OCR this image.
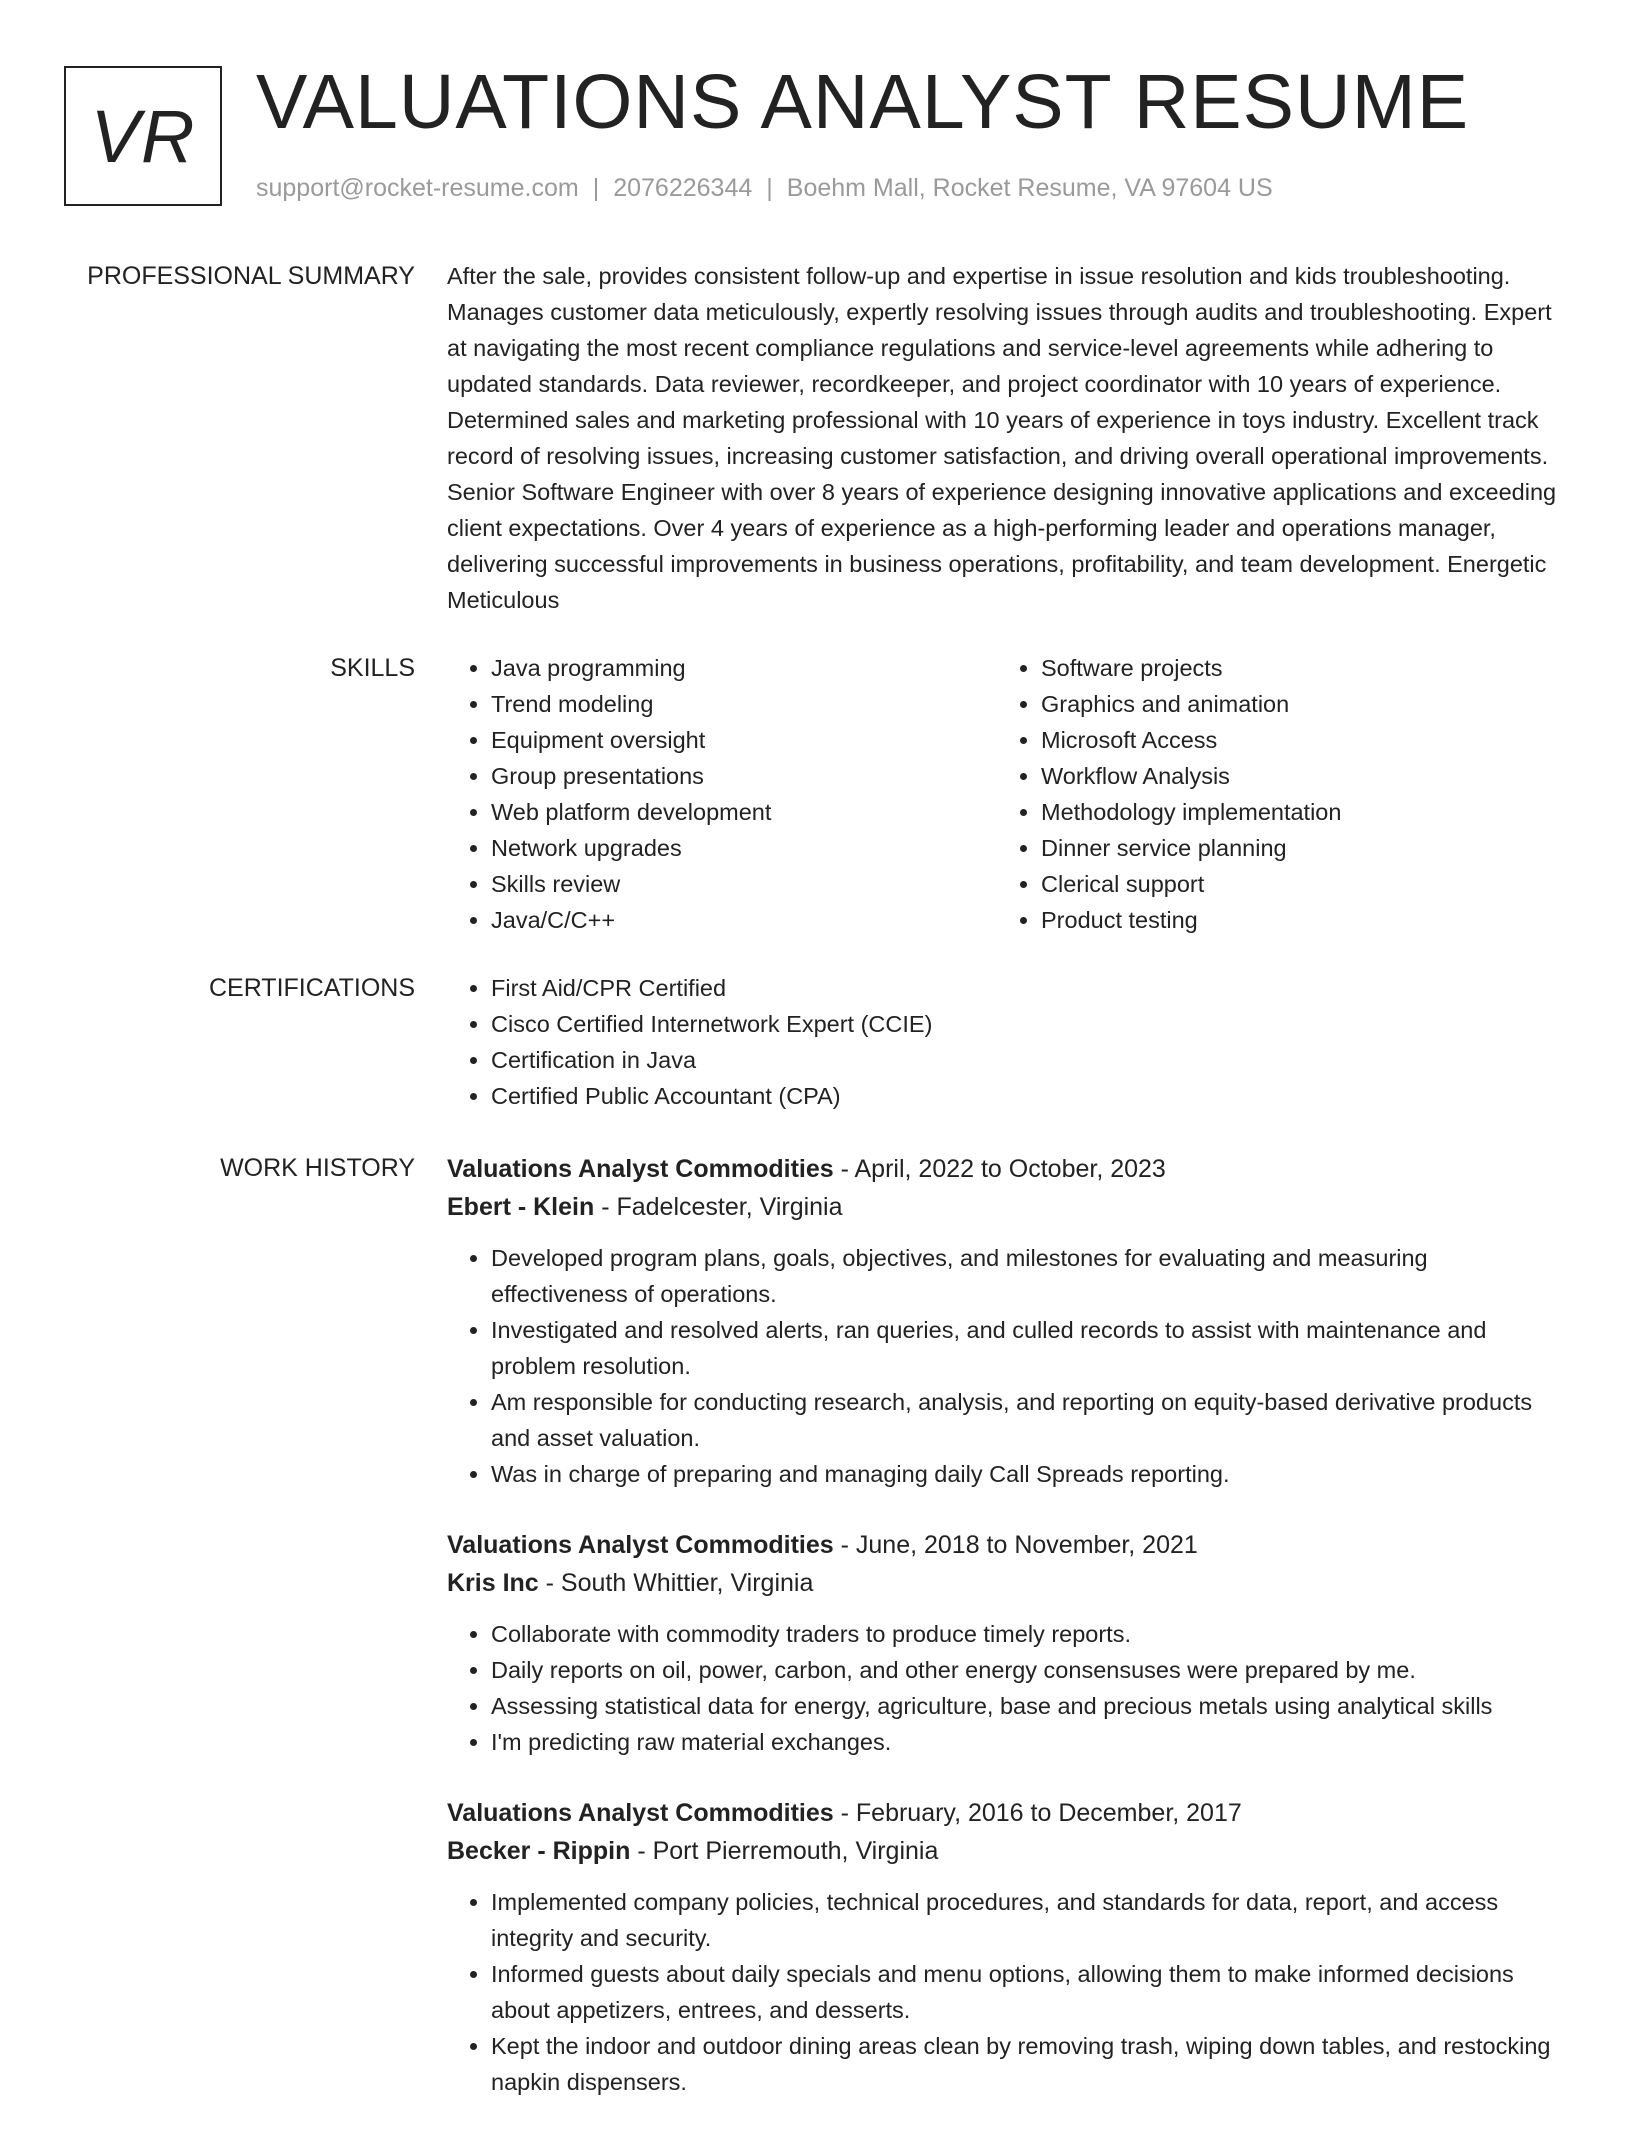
VR VALUATIONS ANALYST RESUME
support@rocket-resume.com | 2076226344 | Boehm Mall, Rocket Resume, VA 97604 US
PROFESSIONAL SUMMARY After the sale, provides consistent follow-up and expertise in issue resolution and kids troubleshooting. Manages customer data meticulously, expertly resolving issues through audits and troubleshooting. Expert at navigating the most recent compliance regulations and service-level agreements while adhering to updated standards. Data reviewer, recordkeeper, and project coordinator with 10 years of experience. Determined sales and marketing professional with 10 years of experience in toys industry. Excellent track record of resolving issues, increasing customer satisfaction, and driving overall operational improvements. Senior Software Engineer with over 8 years of experience designing innovative applications and exceeding client expectations. Over 4 years of experience as a high-performing leader and operations manager, delivering successful improvements in business operations, profitability, and team development. Energetic Meticulous
SKILLS	• Java programming
• Trend modeling
• Equipment oversight
• Group presentations
• Web platform development
• Network upgrades
• Skills review
• Java/C/C++
• Software projects
• Graphics and animation
• Microsoft Access
• Workflow Analysis
• Methodology implementation
• Dinner service planning
• Clerical support
• Product testing
CERTIFICATIONS	• First Aid/CPR Certified
• Cisco Certified Internetwork Expert (CCIE)
• Certification in Java
• Certified Public Accountant (CPA)
WORK HISTORY Valuations Analyst Commodities - April, 2022 to October, 2023
Ebert - Klein - Fadelcester, Virginia
• Developed program plans, goals, objectives, and milestones for evaluating and measuring effectiveness of operations.
• Investigated and resolved alerts, ran queries, and culled records to assist with maintenance and problem resolution.
• Am responsible for conducting research, analysis, and reporting on equity-based derivative products and asset valuation.
• Was in charge of preparing and managing daily Call Spreads reporting.
Valuations Analyst Commodities - June, 2018 to November, 2021
Kris Inc - South Whittier, Virginia
• Collaborate with commodity traders to produce timely reports.
• Daily reports on oil, power, carbon, and other energy consensuses were prepared by me.
• Assessing statistical data for energy, agriculture, base and precious metals using analytical skills
• I'm predicting raw material exchanges.
Valuations Analyst Commodities - February, 2016 to December, 2017
Becker - Rippin - Port Pierremouth, Virginia
• Implemented company policies, technical procedures, and standards for data, report, and access integrity and security.
• Informed guests about daily specials and menu options, allowing them to make informed decisions about appetizers, entrees, and desserts.
• Kept the indoor and outdoor dining areas clean by removing trash, wiping down tables, and restocking napkin dispensers.
